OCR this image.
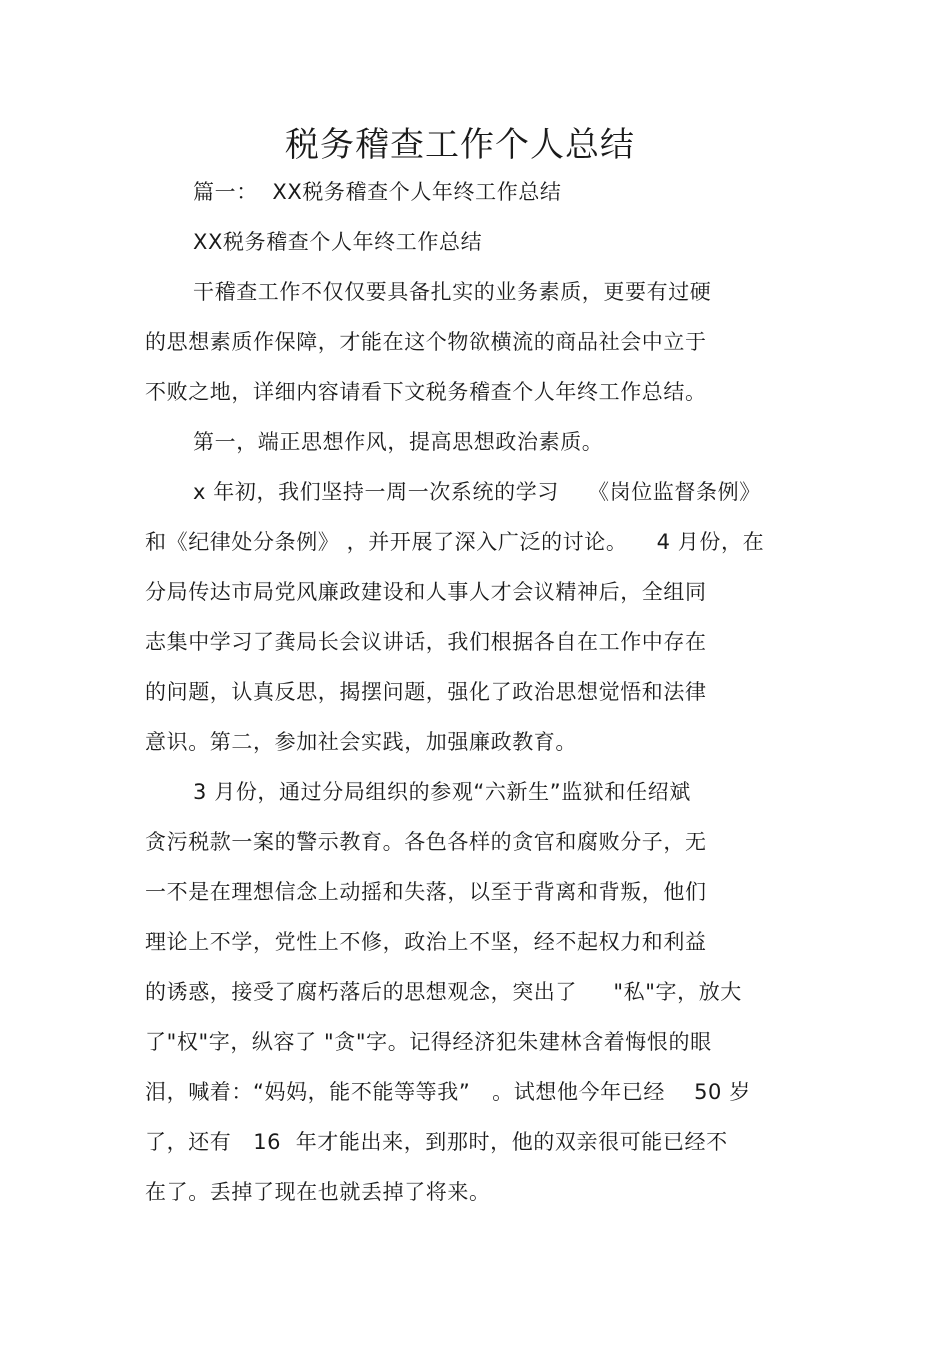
税务稽查工作个人总结
篇一：  XX税务稽查个人年终工作总结
XX税务稽查个人年终工作总结
干稽查工作不仅仅要具备扎实的业务素质，更要有过硬
的思想素质作保障，才能在这个物欲横流的商品社会中立于
不败之地，详细内容请看下文税务稽查个人年终工作总结。
第一，端正思想作风，提高思想政治素质。
x 年初，我们坚持一周一次系统的学习    《岗位监督条例》
和《纪律处分条例》 ，并开展了深入广泛的讨论。    4 月份，在
分局传达市局党风廉政建设和人事人才会议精神后，全组同
志集中学习了龚局长会议讲话，我们根据各自在工作中存在
的问题，认真反思，揭摆问题，强化了政治思想觉悟和法律
意识。第二，参加社会实践，加强廉政教育。
3 月份，通过分局组织的参观“六新生”监狱和任绍斌
贪污税款一案的警示教育。各色各样的贪官和腐败分子，无
一不是在理想信念上动摇和失落，以至于背离和背叛，他们
理论上不学，党性上不修，政治上不坚，经不起权力和利益
的诱惑，接受了腐朽落后的思想观念，突出了     "私"字，放大
了"权"字，纵容了 "贪"字。记得经济犯朱建林含着悔恨的眼
泪，喊着：“妈妈，能不能等等我”   。试想他今年已经    50 岁
了，还有   16  年才能出来，到那时，他的双亲很可能已经不
在了。丢掉了现在也就丢掉了将来。
